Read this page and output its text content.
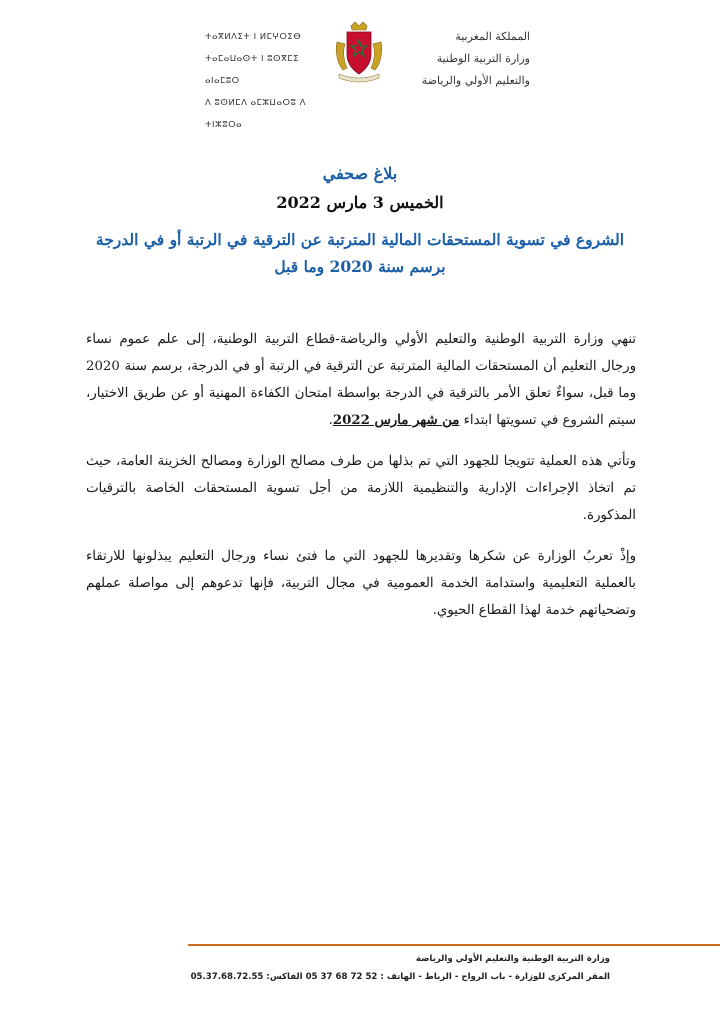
ⵜⴰⴳⵍⴷⵉⵜ ⵏ ⵍⵎⵖⵔⵉⴱ
ⵜⴰⵎⴰⵡⴰⵙⵜ ⵏ ⵓⵙⴳⵎⵉ ⴰⵏⴰⵎⵓⵔ
ⴷ ⵓⵙⵍⵎⴷ ⴰⵎⵣⵡⴰⵔⵓ ⴷ ⵜⵏⵣⵓⵔⴰ
المملكة المغربية
وزارة التربية الوطنية
والتعليم الأولي والرياضة
بلاغ صحفي
الخميس 3 مارس 2022
الشروع في تسوية المستحقات المالية المترتبة عن الترقية في الرتبة أو في الدرجة
برسم سنة 2020 وما قبل

تنهي وزارة التربية الوطنية والتعليم الأولي والرياضة-قطاع التربية الوطنية، إلى علم عموم نساء ورجال التعليم أن المستحقات المالية المترتبة عن الترقية في الرتبة أو في الدرجة، برسم سنة 2020 وما قبل، سواءٌ تعلق الأمر بالترقية في الدرجة بواسطة امتحان الكفاءة المهنية أو عن طريق الاختيار، سيتم الشروع في تسويتها ابتداء من شهر مارس 2022.

وتأتي هذه العملية تتويجا للجهود التي تم بذلها من طرف مصالح الوزارة ومصالح الخزينة العامة، حيث تم اتخاذ الإجراءات الإدارية والتنظيمية اللازمة من أجل تسوية المستحقات الخاصة بالترقيات المذكورة.

وإذْ تعربُ الوزارة عن شكرها وتقديرها للجهود التي ما فتئ نساء ورجال التعليم يبذلونها للارتقاء بالعملية التعليمية واستدامة الخدمة العمومية في مجال التربية، فإنها تدعوهم إلى مواصلة عملهم وتضحياتهم خدمة لهذا القطاع الحيوي.

وزارة التربية الوطنية والتعليم الأولي والرياضة
المقر المركزي للوزارة - باب الرواح - الرباط - الهاتف : 52 72 68 37 05 الفاكس: 05.37.68.72.55
